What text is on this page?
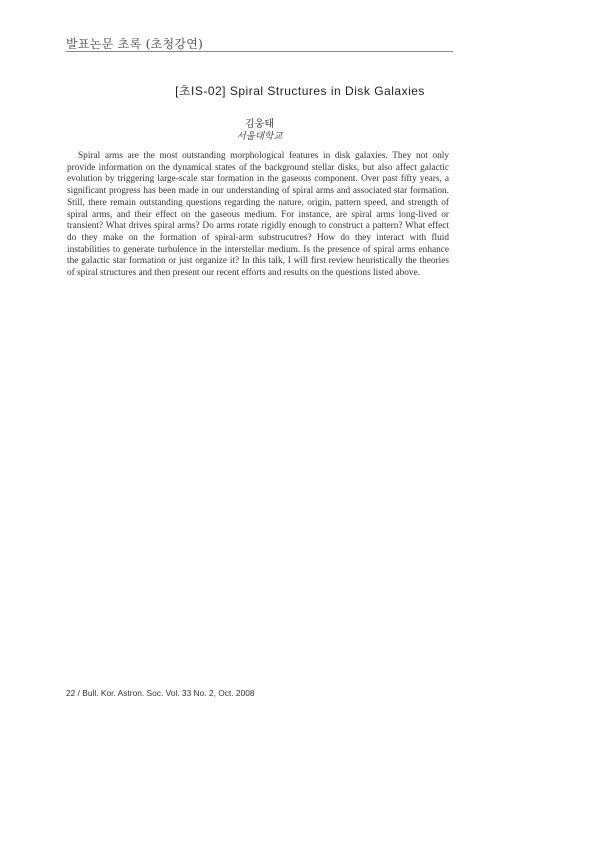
발표논문 초록 (초청강연)
[초IS-02] Spiral Structures in Disk Galaxies
김웅태
서울대학교

Spiral arms are the most outstanding morphological features in disk galaxies. They not only provide information on the dynamical states of the background stellar disks, but also affect galactic evolution by triggering large-scale star formation in the gaseous component. Over past fifty years, a significant progress has been made in our understanding of spiral arms and associated star formation. Still, there remain outstanding questions regarding the nature, origin, pattern speed, and strength of spiral arms, and their effect on the gaseous medium. For instance, are spiral arms long-lived or transient? What drives spiral arms? Do arms rotate rigidly enough to construct a pattern? What effect do they make on the formation of spiral-arm substrucutres? How do they interact with fluid instabilities to generate turbulence in the interstellar medium. Is the presence of spiral arms enhance the galactic star formation or just organize it? In this talk, I will first review heuristically the theories of spiral structures and then present our recent efforts and results on the questions listed above.

22 / Bull. Kor. Astron. Soc. Vol. 33 No. 2, Oct. 2008
